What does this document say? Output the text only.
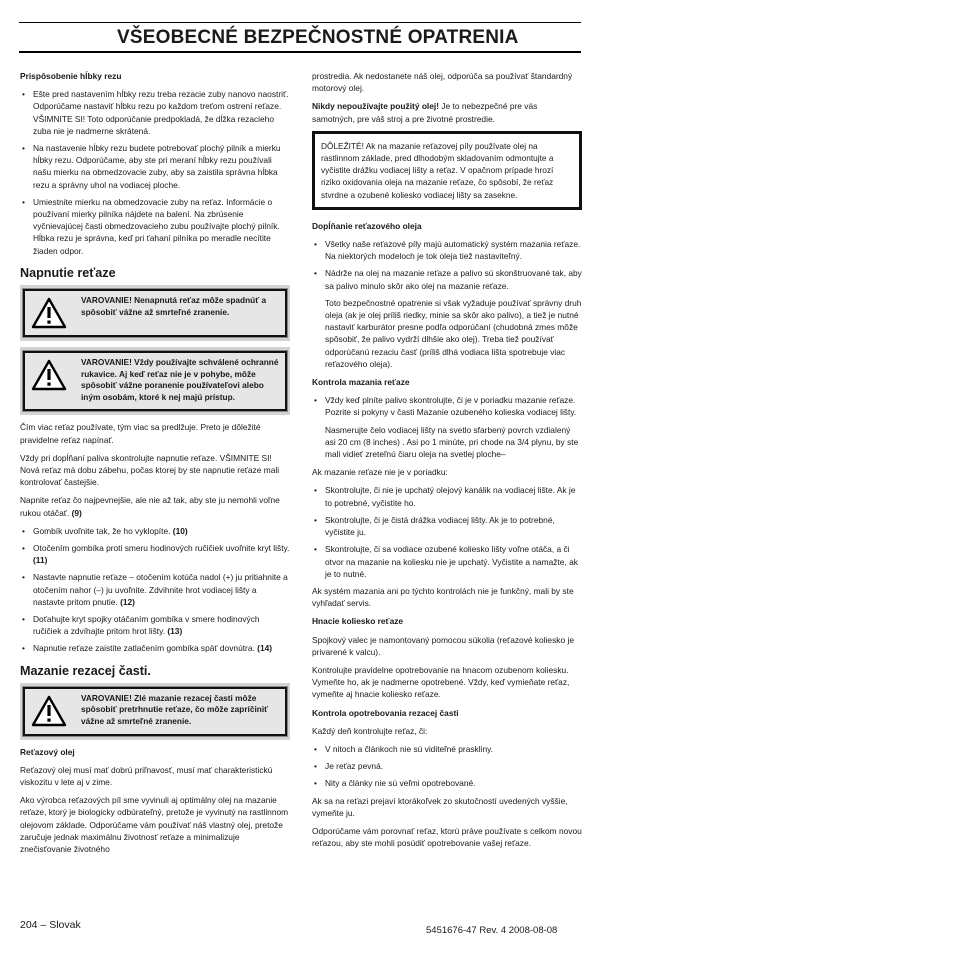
VŠEOBECNÉ BEZPEČNOSTNÉ OPATRENIA
Prispôsobenie hĺbky rezu
• Ešte pred nastavením hĺbky rezu treba rezacie zuby nanovo naostriť. Odporúčame nastaviť hĺbku rezu po každom treťom ostrení reťaze. VŠIMNITE SI! Toto odporúčanie predpokladá, že dĺžka rezacieho zuba nie je nadmerne skrátená.
• Na nastavenie hĺbky rezu budete potrebovať plochý pilník a mierku hĺbky rezu. Odporúčame, aby ste pri meraní hĺbky rezu používali našu mierku na obmedzovacie zuby, aby sa zaistila správna hĺbka rezu a správny uhol na vodiacej ploche.
• Umiestnite mierku na obmedzovacie zuby na reťaz. Informácie o používaní mierky pilníka nájdete na balení. Na zbrúsenie vyčnievajúcej časti obmedzovacieho zubu používajte plochý pilník. Hĺbka rezu je správna, keď pri ťahaní pilníka po meradle necítite žiaden odpor.
Napnutie reťaze
VAROVANIE! Nenapnutá reťaz môže spadnúť a spôsobiť vážne až smrteľné zranenie.
VAROVANIE! Vždy používajte schválené ochranné rukavice. Aj keď reťaz nie je v pohybe, môže spôsobiť vážne poranenie používateľovi alebo iným osobám, ktoré k nej majú prístup.

Čím viac reťaz používate, tým viac sa predlžuje. Preto je dôležité pravidelne reťaz napínať.

Vždy pri dopĺňaní paliva skontrolujte napnutie reťaze. VŠIMNITE SI! Nová reťaz má dobu zábehu, počas ktorej by ste napnutie reťaze mali kontrolovať častejšie.

Napnite reťaz čo najpevnejšie, ale nie až tak, aby ste ju nemohli voľne rukou otáčať. (9)

• Gombík uvoľnite tak, že ho vyklopíte. (10)
• Otočením gombíka proti smeru hodinových ručičiek uvoľnite kryt lišty. (11)
• Nastavte napnutie reťaze – otočením kotúča nadol (+) ju pritiahnite a otočením nahor (–) ju uvoľnite. Zdvihnite hrot vodiacej lišty a nastavte pritom pnutie. (12)
• Doťahujte kryt spojky otáčaním gombíka v smere hodinových ručičiek a zdvíhajte pritom hrot lišty. (13)
• Napnutie reťaze zaistite zatlačením gombíka späť dovnútra. (14)
Mazanie rezacej časti.
VAROVANIE! Zlé mazanie rezacej časti môže spôsobiť pretrhnutie reťaze, čo môže zapríčiniť vážne až smrteľné zranenie.
Reťazový olej

Reťazový olej musí mať dobrú priľnavosť, musí mať charakteristickú viskozitu v lete aj v zime.

Ako výrobca reťazových píl sme vyvinuli aj optimálny olej na mazanie reťaze, ktorý je biologicky odbúrateľný, pretože je vyvinutý na rastlinnom olejovom základe. Odporúčame vám používať náš vlastný olej, pretože zaručuje jednak maximálnu životnosť reťaze a minimalizuje znečisťovanie životného

prostredia. Ak nedostanete náš olej, odporúča sa používať štandardný motorový olej.

Nikdy nepoužívajte použitý olej! Je to nebezpečné pre vás samotných, pre váš stroj a pre životné prostredie.

DÔLEŽITÉ! Ak na mazanie reťazovej píly používate olej na rastlinnom základe, pred dlhodobým skladovaním odmontujte a vyčistite drážku vodiacej lišty a reťaz. V opačnom prípade hrozí riziko oxidovania oleja na mazanie reťaze, čo spôsobí, že reťaz stvrdne a ozubené koliesko vodiacej lišty sa zasekne.
Dopĺňanie reťazového oleja
• Všetky naše reťazové píly majú automatický systém mazania reťaze. Na niektorých modeloch je tok oleja tiež nastaviteľný.
• Nádrže na olej na mazanie reťaze a palivo sú skonštruované tak, aby sa palivo minulo skôr ako olej na mazanie reťaze.

Toto bezpečnostné opatrenie si však vyžaduje používať správny druh oleja (ak je olej príliš riedky, minie sa skôr ako palivo), a tiež je nutné nastaviť karburátor presne podľa odporúčaní (chudobná zmes môže spôsobiť, že palivo vydrží dlhšie ako olej). Treba tiež používať odporúčanú rezaciu časť (príliš dlhá vodiaca lišta spotrebuje viac reťazového oleja).

Kontrola mazania reťaze
• Vždy keď plníte palivo skontrolujte, či je v poriadku mazanie reťaze. Pozrite si pokyny v časti Mazanie ozubeného kolieska vodiacej lišty.

Nasmerujte čelo vodiacej lišty na svetlo sfarbený povrch vzdialený asi 20 cm (8 inches) . Asi po 1 minúte, pri chode na 3/4 plynu, by ste mali vidieť zreteľnú čiaru oleja na svetlej ploche–

Ak mazanie reťaze nie je v poriadku:

• Skontrolujte, či nie je upchatý olejový kanálik na vodiacej lište. Ak je to potrebné, vyčistite ho.
• Skontrolujte, či je čistá drážka vodiacej lišty. Ak je to potrebné, vyčistite ju.
• Skontrolujte, či sa vodiace ozubené koliesko lišty voľne otáča, a či otvor na mazanie na koliesku nie je upchatý. Vyčistite a namažte, ak je to nutné.

Ak systém mazania ani po týchto kontrolách nie je funkčný, mali by ste vyhľadať servis.

Hnacie koliesko reťaze

Spojkový valec je namontovaný pomocou súkolia (reťazové koliesko je privarené k valcu).

Kontrolujte pravidelne opotrebovanie na hnacom ozubenom koliesku. Vymeňte ho, ak je nadmerne opotrebené. Vždy, keď vymieňate reťaz, vymeňte aj hnacie koliesko reťaze.

Kontrola opotrebovania rezacej časti

Každý deň kontrolujte reťaz, či:

• V nitoch a článkoch nie sú viditeľné praskliny.
• Je reťaz pevná.
• Nity a články nie sú veľmi opotrebované.

Ak sa na reťazi prejaví ktorákoľvek zo skutočností uvedených vyššie, vymeňte ju.

Odporúčame vám porovnať reťaz, ktorú práve používate s celkom novou reťazou, aby ste mohli posúdiť opotrebovanie vašej reťaze.

204 – Slovak	5451676-47 Rev. 4 2008-08-08
